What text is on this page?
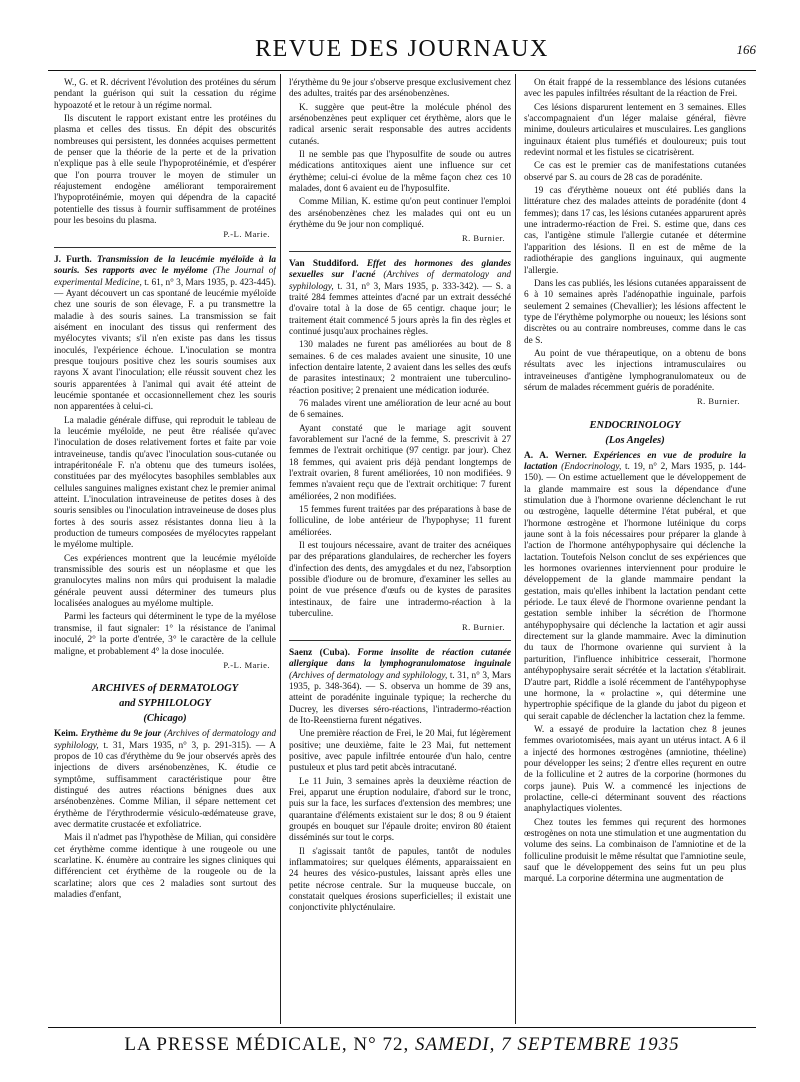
REVUE DES JOURNAUX	166

W., G. et R. décrivent l'évolution des protéines du sérum pendant la guérison qui suit la cessation du régime hypoazoté et le retour à un régime normal.

Ils discutent le rapport existant entre les protéines du plasma et celles des tissus. En dépit des obscurités nombreuses qui persistent, les données acquises permettent de penser que la théorie de la perte et de la privation n'explique pas à elle seule l'hypoprotéinémie, et d'espérer que l'on pourra trouver le moyen de stimuler un réajustement endogène améliorant temporairement l'hypoprotéinémie, moyen qui dépendra de la capacité potentielle des tissus à fournir suffisamment de protéines pour les besoins du plasma.

P.-L. Marie.

J. Furth. Transmission de la leucémie myéloïde à la souris. Ses rapports avec le myélome (The Journal of experimental Medicine, t. 61, n° 3, Mars 1935, p. 423-445). — Ayant découvert un cas spontané de leucémie myéloïde chez une souris de son élevage, F. a pu transmettre la maladie à des souris saines. La transmission se fait aisément en inoculant des tissus qui renferment des myélocytes vivants; s'il n'en existe pas dans les tissus inoculés, l'expérience échoue. L'inoculation se montra presque toujours positive chez les souris soumises aux rayons X avant l'inoculation; elle réussit souvent chez les souris apparentées à l'animal qui avait été atteint de leucémie spontanée et occasionnellement chez les souris non apparentées à celui-ci.

La maladie générale diffuse, qui reproduit le tableau de la leucémie myéloïde, ne peut être réalisée qu'avec l'inoculation de doses relativement fortes et faite par voie intraveineuse, tandis qu'avec l'inoculation sous-cutanée ou intrapéritonéale F. n'a obtenu que des tumeurs isolées, constituées par des myélocytes basophiles semblables aux cellules sanguines malignes existant chez le premier animal atteint. L'inoculation intraveineuse de petites doses à des souris sensibles ou l'inoculation intraveineuse de doses plus fortes à des souris assez résistantes donna lieu à la production de tumeurs composées de myélocytes rappelant le myélome multiple.

Ces expériences montrent que la leucémie myéloïde transmissible des souris est un néoplasme et que les granulocytes malins non mûrs qui produisent la maladie générale peuvent aussi déterminer des tumeurs plus localisées analogues au myélome multiple.

Parmi les facteurs qui déterminent le type de la myélose transmise, il faut signaler: 1° la résistance de l'animal inoculé, 2° la porte d'entrée, 3° le caractère de la cellule maligne, et probablement 4° la dose inoculée.

P.-L. Marie.
ARCHIVES of DERMATOLOGY
and SYPHILOLOGY
(Chicago)

Keim. Erythème du 9e jour (Archives of dermatology and syphilology, t. 31, Mars 1935, n° 3, p. 291-315). — A propos de 10 cas d'érythème du 9e jour observés après des injections de divers arsénobenzènes, K. étudie ce symptôme, suffisamment caractéristique pour être distingué des autres réactions bénignes dues aux arsénobenzènes. Comme Milian, il sépare nettement cet érythème de l'érythrodermie vésiculo-œdémateuse grave, avec dermatite crustacée et exfoliatrice.

Mais il n'admet pas l'hypothèse de Milian, qui considère cet érythème comme identique à une rougeole ou une scarlatine. K. énumère au contraire les signes cliniques qui différencient cet érythème de la rougeole ou de la scarlatine; alors que ces 2 maladies sont surtout des maladies d'enfant,

l'érythème du 9e jour s'observe presque exclusivement chez des adultes, traités par des arsénobenzènes.

K. suggère que peut-être la molécule phénol des arsénobenzènes peut expliquer cet érythème, alors que le radical arsenic serait responsable des autres accidents cutanés.

Il ne semble pas que l'hyposulfite de soude ou autres médications antitoxiques aient une influence sur cet érythème; celui-ci évolue de la même façon chez ces 10 malades, dont 6 avaient eu de l'hyposulfite.

Comme Milian, K. estime qu'on peut continuer l'emploi des arsénobenzènes chez les malades qui ont eu un érythème du 9e jour non compliqué.

R. Burnier.

Van Studdiford. Effet des hormones des glandes sexuelles sur l'acné (Archives of dermatology and syphilology, t. 31, n° 3, Mars 1935, p. 333-342). — S. a traité 284 femmes atteintes d'acné par un extrait desséché d'ovaire total à la dose de 65 centigr. chaque jour; le traitement était commencé 5 jours après la fin des règles et continué jusqu'aux prochaines règles.

130 malades ne furent pas améliorées au bout de 8 semaines. 6 de ces malades avaient une sinusite, 10 une infection dentaire latente, 2 avaient dans les selles des œufs de parasites intestinaux; 2 montraient une tuberculino-réaction positive; 2 prenaient une médication iodurée.

76 malades virent une amélioration de leur acné au bout de 6 semaines.

Ayant constaté que le mariage agit souvent favorablement sur l'acné de la femme, S. prescrivit à 27 femmes de l'extrait orchitique (97 centigr. par jour). Chez 18 femmes, qui avaient pris déjà pendant longtemps de l'extrait ovarien, 8 furent améliorées, 10 non modifiées. 9 femmes n'avaient reçu que de l'extrait orchitique: 7 furent améliorées, 2 non modifiées.

15 femmes furent traitées par des préparations à base de folliculine, de lobe antérieur de l'hypophyse; 11 furent améliorées.

Il est toujours nécessaire, avant de traiter des acnéiques par des préparations glandulaires, de rechercher les foyers d'infection des dents, des amygdales et du nez, l'absorption possible d'iodure ou de bromure, d'examiner les selles au point de vue présence d'œufs ou de kystes de parasites intestinaux, de faire une intradermo-réaction à la tuberculine.

R. Burnier.

Saenz (Cuba). Forme insolite de réaction cutanée allergique dans la lymphogranulomatose inguinale (Archives of dermatology and syphilology, t. 31, n° 3, Mars 1935, p. 348-364). — S. observa un homme de 39 ans, atteint de poradénite inguinale typique; la recherche du Ducrey, les diverses séro-réactions, l'intradermo-réaction de Ito-Reenstierna furent négatives.

Une première réaction de Frei, le 20 Mai, fut légèrement positive; une deuxième, faite le 23 Mai, fut nettement positive, avec papule infiltrée entourée d'un halo, centre pustuleux et plus tard petit abcès intracutané.

Le 11 Juin, 3 semaines après la deuxième réaction de Frei, apparut une éruption nodulaire, d'abord sur le tronc, puis sur la face, les surfaces d'extension des membres; une quarantaine d'éléments existaient sur le dos; 8 ou 9 étaient groupés en bouquet sur l'épaule droite; environ 80 étaient disséminés sur tout le corps.

Il s'agissait tantôt de papules, tantôt de nodules inflammatoires; sur quelques éléments, apparaissaient en 24 heures des vésico-pustules, laissant après elles une petite nécrose centrale. Sur la muqueuse buccale, on constatait quelques érosions superficielles; il existait une conjonctivite phlycténulaire.

On était frappé de la ressemblance des lésions cutanées avec les papules infiltrées résultant de la réaction de Frei.

Ces lésions disparurent lentement en 3 semaines. Elles s'accompagnaient d'un léger malaise général, fièvre minime, douleurs articulaires et musculaires. Les ganglions inguinaux étaient plus tuméfiés et douloureux; puis tout redevint normal et les fistules se cicatrisèrent.

Ce cas est le premier cas de manifestations cutanées observé par S. au cours de 28 cas de poradénite.

19 cas d'érythème noueux ont été publiés dans la littérature chez des malades atteints de poradénite (dont 4 femmes); dans 17 cas, les lésions cutanées apparurent après une intradermo-réaction de Frei. S. estime que, dans ces cas, l'antigène stimule l'allergie cutanée et détermine l'apparition des lésions. Il en est de même de la radiothérapie des ganglions inguinaux, qui augmente l'allergie.

Dans les cas publiés, les lésions cutanées apparaissent de 6 à 10 semaines après l'adénopathie inguinale, parfois seulement 2 semaines (Chevallier); les lésions affectent le type de l'érythème polymorphe ou noueux; les lésions sont discrètes ou au contraire nombreuses, comme dans le cas de S.

Au point de vue thérapeutique, on a obtenu de bons résultats avec les injections intramusculaires ou intraveineuses d'antigène lymphogranulomateux ou de sérum de malades récemment guéris de poradénite.

R. Burnier.
ENDOCRINOLOGY
(Los Angeles)

A. A. Werner. Expériences en vue de produire la lactation (Endocrinology, t. 19, n° 2, Mars 1935, p. 144-150). — On estime actuellement que le développement de la glande mammaire est sous la dépendance d'une stimulation due à l'hormone ovarienne déclenchant le rut ou œstrogène, laquelle détermine l'état pubéral, et que l'hormone œstrogène et l'hormone lutéinique du corps jaune sont à la fois nécessaires pour préparer la glande à l'action de l'hormone antéhypophysaire qui déclenche la lactation. Toutefois Nelson conclut de ses expériences que les hormones ovariennes interviennent pour produire le développement de la glande mammaire pendant la gestation, mais qu'elles inhibent la lactation pendant cette période. Le taux élevé de l'hormone ovarienne pendant la gestation semble inhiber la sécrétion de l'hormone antéhypophysaire qui déclenche la lactation et agir aussi directement sur la glande mammaire. Avec la diminution du taux de l'hormone ovarienne qui survient à la parturition, l'influence inhibitrice cesserait, l'hormone antéhypophysaire serait sécrétée et la lactation s'établirait. D'autre part, Riddle a isolé récemment de l'antéhypophyse une hormone, la « prolactine », qui détermine une hypertrophie spécifique de la glande du jabot du pigeon et qui serait capable de déclencher la lactation chez la femme.

W. a essayé de produire la lactation chez 8 jeunes femmes ovariotomisées, mais ayant un utérus intact. A 6 il a injecté des hormones œstrogènes (amniotine, théeline) pour développer les seins; 2 d'entre elles reçurent en outre de la folliculine et 2 autres de la corporine (hormones du corps jaune). Puis W. a commencé les injections de prolactine, celle-ci déterminant souvent des réactions anaphylactiques violentes.

Chez toutes les femmes qui reçurent des hormones œstrogènes on nota une stimulation et une augmentation du volume des seins. La combinaison de l'amniotine et de la folliculine produisit le même résultat que l'amniotine seule, sauf que le développement des seins fut un peu plus marqué. La corporine détermina une augmentation de

LA PRESSE MÉDICALE, N° 72, SAMEDI, 7 SEPTEMBRE 1935
